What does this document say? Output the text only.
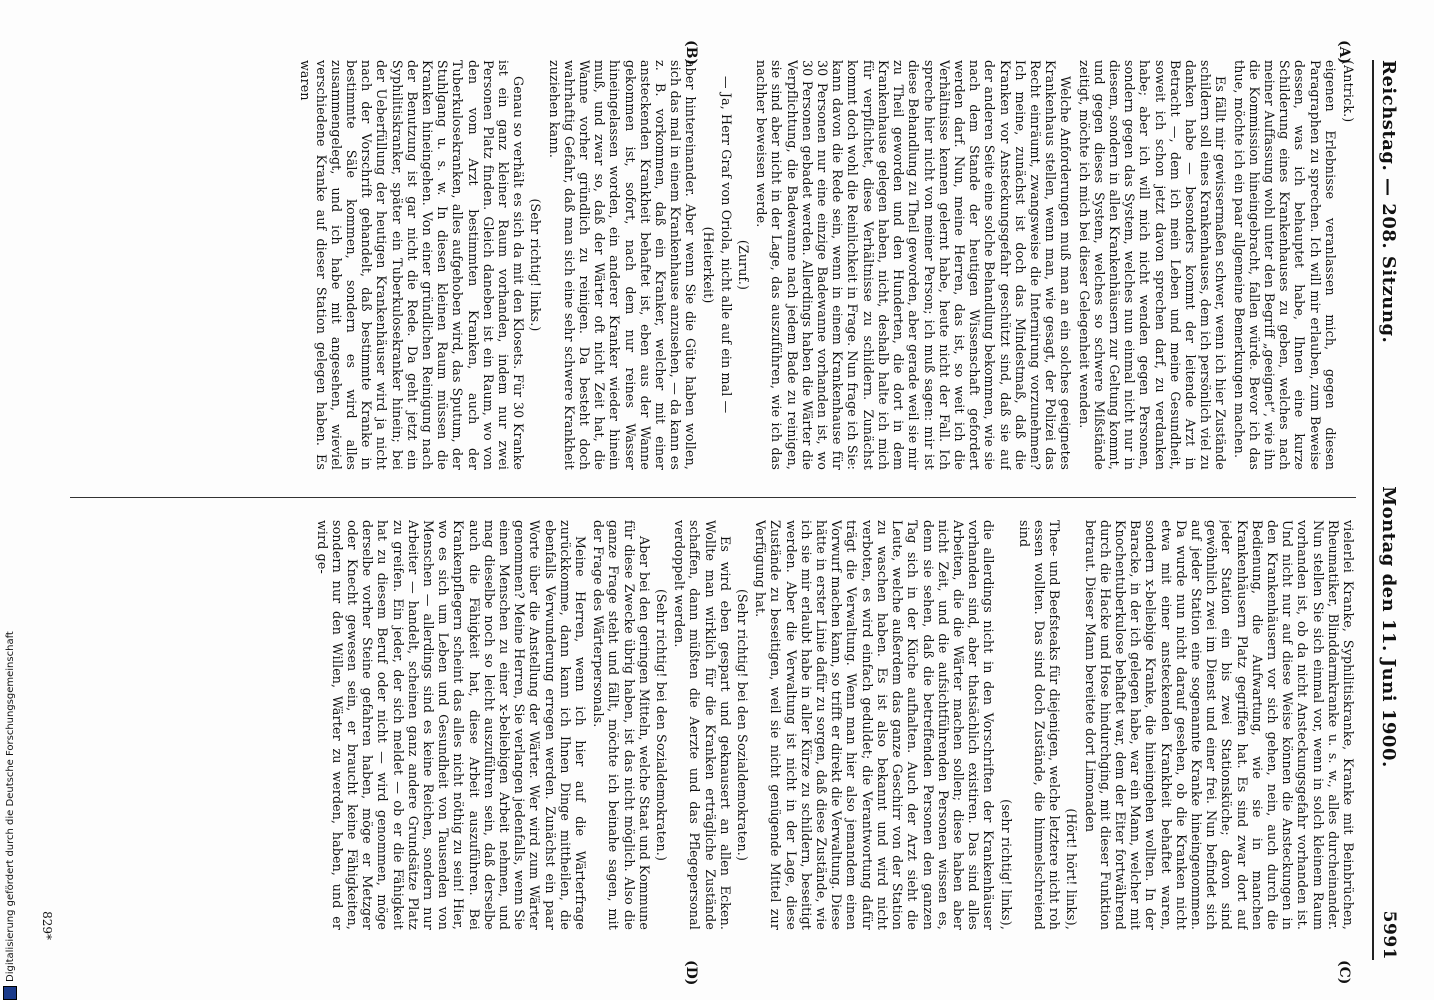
Reichstag. — 208. Sitzung.
Montag den 11. Juni 1900.
5991
(A)
(B)
(C)
(D)

(Antrick.)

eigenen Erlebnisse veranlassen mich, gegen diesen Paragraphen zu sprechen. Ich will mir erlauben, zum Beweise dessen, was ich behauptet habe, Ihnen eine kurze Schilderung eines Krankenhauses zu geben, welches nach meiner Auffassung wohl unter den Begriff „geeignet“, wie ihn die Kommission hineingebracht, fallen würde. Bevor ich das thue, möchte ich ein paar allgemeine Bemerkungen machen.

Es fällt mir gewissermaßen schwer, wenn ich hier Zustände schildern soll eines Krankenhauses, dem ich persönlich viel zu danken habe — besonders kommt der leitende Arzt in Betracht —, dem ich mein Leben und meine Gesundheit, soweit ich schon jetzt davon sprechen darf, zu verdanken habe; aber ich will mich nicht wenden gegen Personen, sondern gegen das System, welches nun einmal nicht nur in diesem, sondern in allen Krankenhäusern zur Geltung kommt, und gegen dieses System, welches so schwere Mißstände zeitigt, möchte ich mich bei dieser Gelegenheit wenden.

Welche Anforderungen muß man an ein solches geeignetes Krankenhaus stellen, wenn man, wie gesagt, der Polizei das Recht einräumt, zwangsweise die Internirung vorzunehmen? Ich meine, zunächst ist doch das Mindestmaß, daß die Kranken vor Ansteckungsgefahr geschützt sind, daß sie auf der anderen Seite eine solche Behandlung bekommen, wie sie nach dem Stande der heutigen Wissenschaft gefordert werden darf. Nun, meine Herren, das ist, so weit ich die Verhältnisse kennen gelernt habe, heute nicht der Fall. Ich spreche hier nicht von meiner Person; ich muß sagen: mir ist diese Behandlung zu Theil geworden, aber gerade weil sie mir zu Theil geworden und den Hunderten, die dort in dem Krankenhause gelegen haben, nicht, deshalb halte ich mich für verpflichtet, diese Verhältnisse zu schildern. Zunächst kommt doch wohl die Reinlichkeit in Frage. Nun frage ich Sie: kann davon die Rede sein, wenn in einem Krankenhause für 30 Personen nur eine einzige Badewanne vorhanden ist, wo 30 Personen gebadet werden. Allerdings haben die Wärter die Verpflichtung, die Badewanne nach jedem Bade zu reinigen, sie sind aber nicht in der Lage, das auszuführen, wie ich das nachher beweisen werde.

(Zuruf.)

— Ja, Herr Graf von Oriola, nicht alle auf ein mal —

(Heiterkeit)

aber hintereinander. Aber wenn Sie die Güte haben wollen, sich das mal in einem Krankenhause anzusehen, — da kann es z. B. vorkommen, daß ein Kranker, welcher mit einer ansteckenden Krankheit behaftet ist, eben aus der Wanne gekommen ist, sofort, nach dem nur reines Wasser hineingelassen worden, ein anderer Kranker wieder hinein muß, und zwar so, daß der Wärter oft nicht Zeit hat, die Wanne vorher gründlich zu reinigen. Da besteht doch wahrhaftig Gefahr, daß man sich eine sehr schwere Krankheit zuziehen kann.

(Sehr richtig! links.)

Genau so verhält es sich da mit den Klosets. Für 30 Kranke ist ein ganz kleiner Raum vorhanden, indem nur zwei Personen Platz finden. Gleich daneben ist ein Raum, wo von den vom Arzt bestimmten Kranken, auch der Tuberkulosekranken, alles aufgehoben wird, das Sputum, der Stuhlgang u. s. w. In diesen kleinen Raum müssen die Kranken hineingehen. Von einer gründlichen Reinigung nach der Benutzung ist gar nicht die Rede. Da geht jetzt ein Syphilitiskranker, später ein Tuberkulosekranker hinein; bei der Ueberfüllung der heutigen Krankenhäuser wird ja nicht nach der Vorschrift gehandelt, daß bestimmte Kranke in bestimmte Säle kommen, sondern es wird alles zusammengelegt, und ich habe mit angesehen, wieviel verschiedene Kranke auf dieser Station gelegen haben. Es waren

vielerlei Kranke, Syphilitiskranke, Kranke mit Beinbrüchen, Rheumatiker, Blinddarmkranke u. s. w., alles durcheinander. Nun stellen Sie sich einmal vor, wenn in solch kleinem Raum vorhanden ist, ob da nicht Ansteckungsgefahr vorhanden ist. Und nicht nur auf diese Weise können die Ansteckungen in den Krankenhäusern vor sich gehen, nein, auch durch die Bedienung, die Aufwartung, wie sie in manchen Krankenhäusern Platz gegriffen hat. Es sind zwar dort auf jeder Station ein bis zwei Stationsküche; davon sind gewöhnlich zwei im Dienst und einer frei. Nun befindet sich auf jeder Station eine sogenannte Kranke hineingenommen. Da wurde nun nicht darauf gesehen, ob die Kranken nicht etwa mit einer ansteckenden Krankheit behaftet waren, sondern x-beliebige Kranke, die hineingehen wollten. In der Baracke, in der ich gelegen habe, war ein Mann, welcher mit Knochentuberkulose behaftet war, dem der Eiter fortwährend durch die Hacke und Hose hindurchging, mit dieser Funktion betraut. Dieser Mann bereitete dort Limonaden

(Hört! hört! links),

Thee- und Beefsteaks für diejenigen, welche letztere nicht roh essen wollten. Das sind doch Zustände, die himmelschreiend sind

(sehr richtig! links),

die allerdings nicht in den Vorschriften der Krankenhäuser vorhanden sind, aber thatsächlich existiren. Das sind alles Arbeiten, die die Wärter machen sollen; diese haben aber nicht Zeit, und die aufsichtführenden Personen wissen es, denn sie sehen, daß die betreffenden Personen den ganzen Tag sich in der Küche aufhalten. Auch der Arzt sieht die Leute, welche außerdem das ganze Geschirr von der Station zu waschen haben. Es ist also bekannt und wird nicht verboten, es wird einfach geduldet; die Verantwortung dafür trägt die Verwaltung. Wenn man hier also jemandem einen Vorwurf machen kann, so trifft er direkt die Verwaltung. Diese hätte in erster Linie dafür zu sorgen, daß diese Zustände, wie ich sie mir erlaubt habe in aller Kürze zu schildern, beseitigt werden. Aber die Verwaltung ist nicht in der Lage, diese Zustände zu beseitigen, weil sie nicht genügende Mittel zur Verfügung hat.

(Sehr richtig! bei den Sozialdemokraten.)

Es wird eben gespart und geknausert an allen Ecken. Wollte man wirklich für die Kranken erträgliche Zustände schaffen, dann müßten die Aerzte und das Pflegepersonal verdoppelt werden.

(Sehr richtig! bei den Sozialdemokraten.)

Aber bei den geringen Mitteln, welche Staat und Kommune für diese Zwecke übrig haben, ist das nicht möglich. Also die ganze Frage steht und fällt, möchte ich beinahe sagen, mit der Frage des Wärterpersonals.

Meine Herren, wenn ich hier auf die Wärterfrage zurückkomme, dann kann ich Ihnen Dinge mittheilen, die ebenfalls Verwunderung erregen werden. Zunächst ein paar Worte über die Anstellung der Wärter. Wer wird zum Wärter genommen? Meine Herren, Sie verlangen jedenfalls, wenn Sie einen Menschen zu einer x-beliebigen Arbeit nehmen, und mag dieselbe noch so leicht auszuführen sein, daß derselbe auch die Fähigkeit hat, diese Arbeit auszuführen. Bei Krankenpflegern scheint das alles nicht nöthig zu sein! Hier, wo es sich um Leben und Gesundheit von Tausenden von Menschen — allerdings sind es keine Reichen, sondern nur Arbeiter — handelt, scheinen ganz andere Grundsätze Platz zu greifen. Ein jeder, der sich meldet — ob er die Fähigkeit hat zu diesem Beruf oder nicht — wird genommen, möge derselbe vorher Steine gefahren haben, möge er Metzger oder Knecht gewesen sein, er braucht keine Fähigkeiten, sondern nur den Willen, Wärter zu werden, haben, und er wird ge-

829*
Digitalisierung gefördert durch die Deutsche Forschungsgemeinschaft
